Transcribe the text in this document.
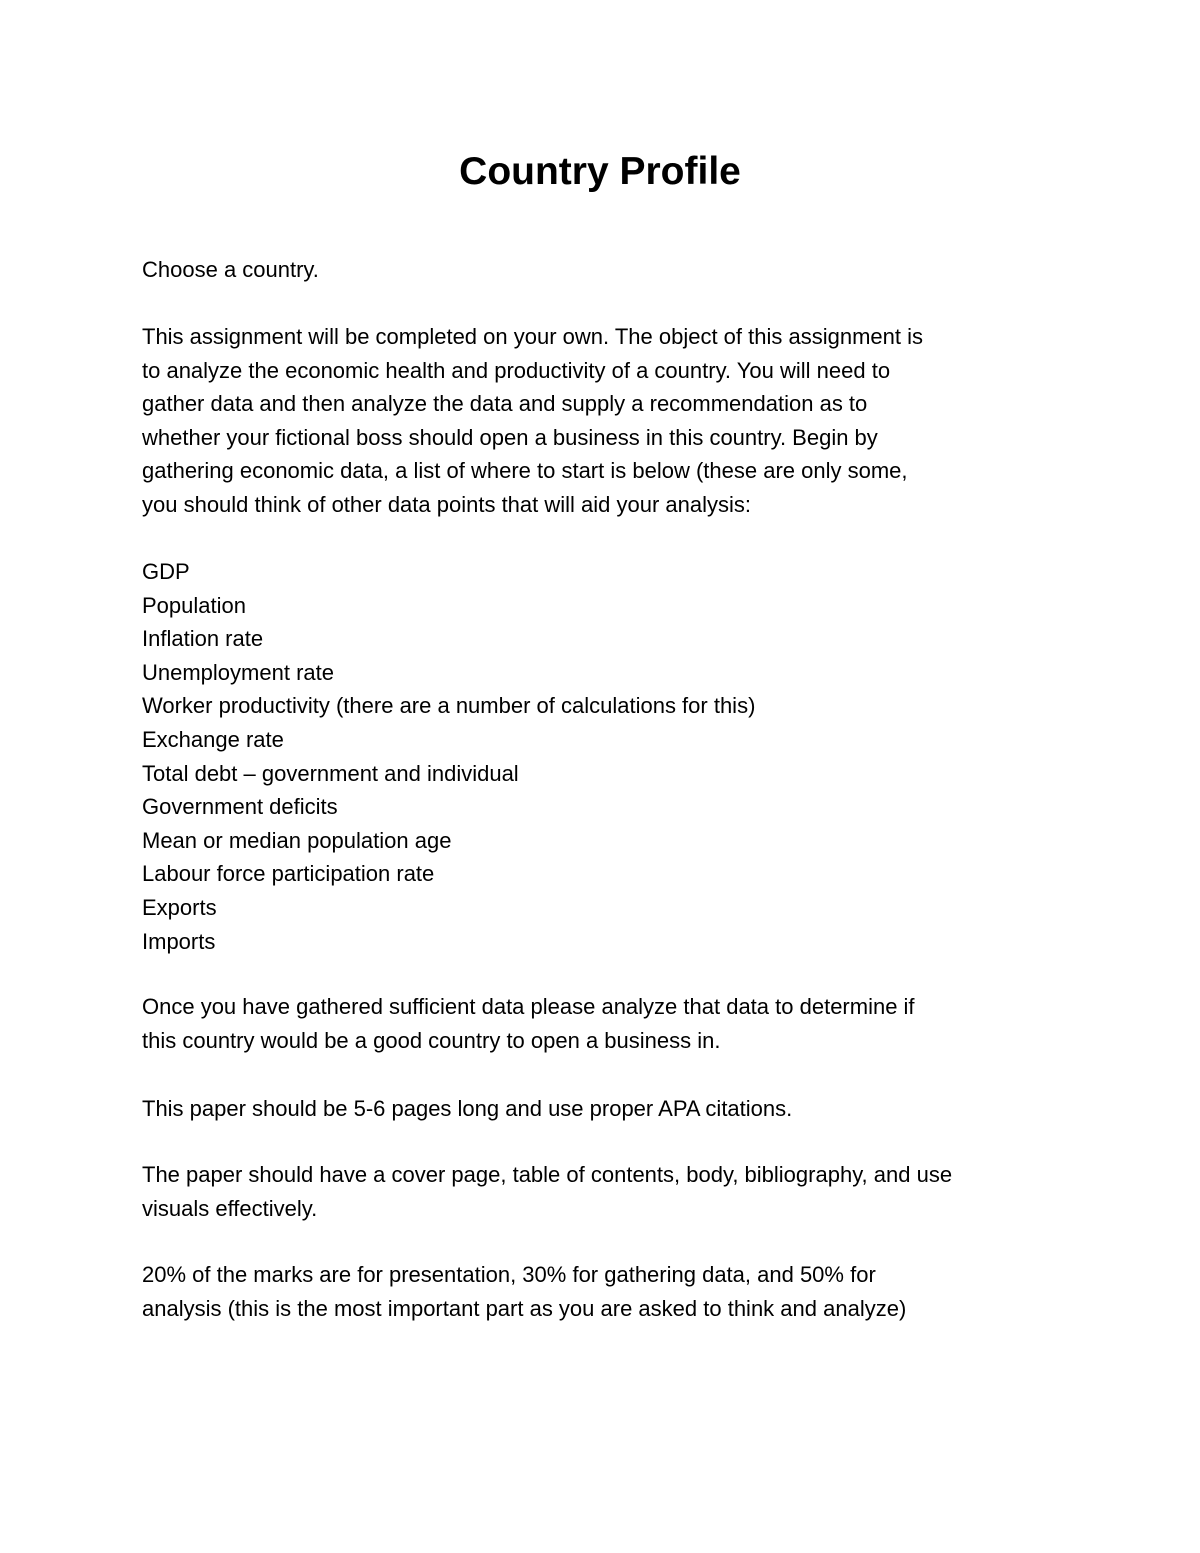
Country Profile

Choose a country.

This assignment will be completed on your own. The object of this assignment is
to analyze the economic health and productivity of a country. You will need to
gather data and then analyze the data and supply a recommendation as to
whether your fictional boss should open a business in this country. Begin by
gathering economic data, a list of where to start is below (these are only some,
you should think of other data points that will aid your analysis:
GDP
Population
Inflation rate
Unemployment rate
Worker productivity (there are a number of calculations for this)
Exchange rate
Total debt – government and individual
Government deficits
Mean or median population age
Labour force participation rate
Exports
Imports
Once you have gathered sufficient data please analyze that data to determine if
this country would be a good country to open a business in.
This paper should be 5-6 pages long and use proper APA citations.
The paper should have a cover page, table of contents, body, bibliography, and use
visuals effectively.
20% of the marks are for presentation, 30% for gathering data, and 50% for
analysis (this is the most important part as you are asked to think and analyze)
